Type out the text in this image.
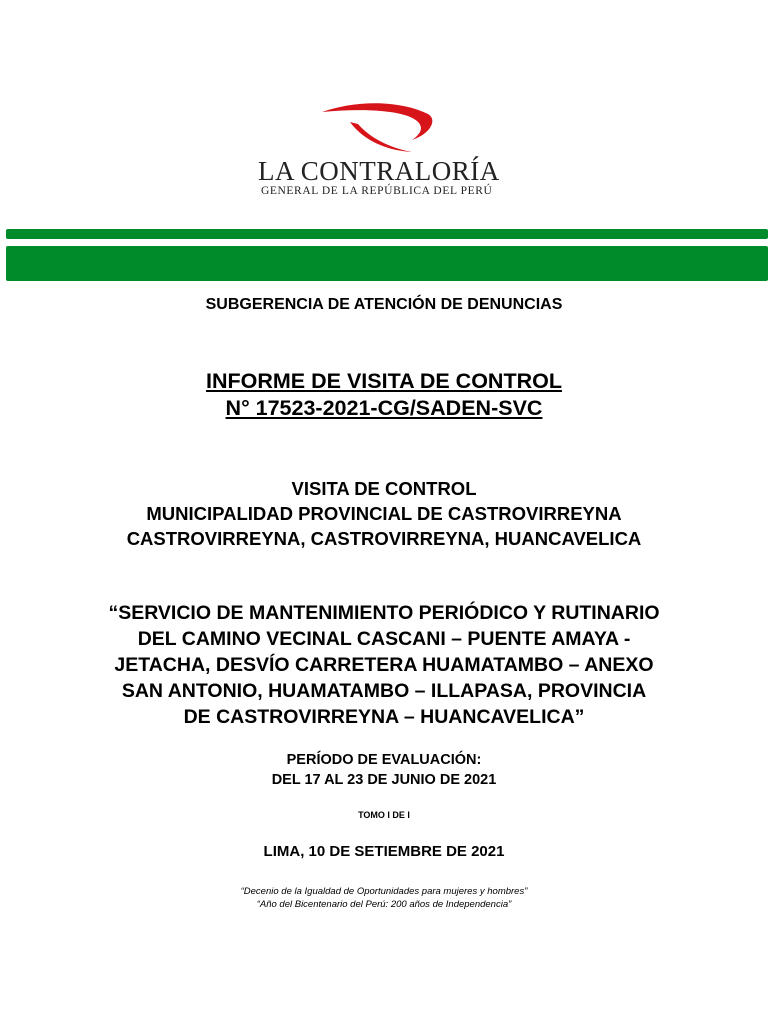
LA CONTRALORÍA
GENERAL DE LA REPÚBLICA DEL PERÚ
SUBGERENCIA DE ATENCIÓN DE DENUNCIAS
INFORME DE VISITA DE CONTROL
N° 17523-2021-CG/SADEN-SVC
VISITA DE CONTROL
MUNICIPALIDAD PROVINCIAL DE CASTROVIRREYNA
CASTROVIRREYNA, CASTROVIRREYNA, HUANCAVELICA
“SERVICIO DE MANTENIMIENTO PERIÓDICO Y RUTINARIO
DEL CAMINO VECINAL CASCANI – PUENTE AMAYA -
JETACHA, DESVÍO CARRETERA HUAMATAMBO – ANEXO
SAN ANTONIO, HUAMATAMBO – ILLAPASA, PROVINCIA
DE CASTROVIRREYNA – HUANCAVELICA”
PERÍODO DE EVALUACIÓN:
DEL 17 AL 23 DE JUNIO DE 2021
TOMO I DE I
LIMA, 10 DE SETIEMBRE DE 2021
“Decenio de la Igualdad de Oportunidades para mujeres y hombres”
“Año del Bicentenario del Perú: 200 años de Independencia”
